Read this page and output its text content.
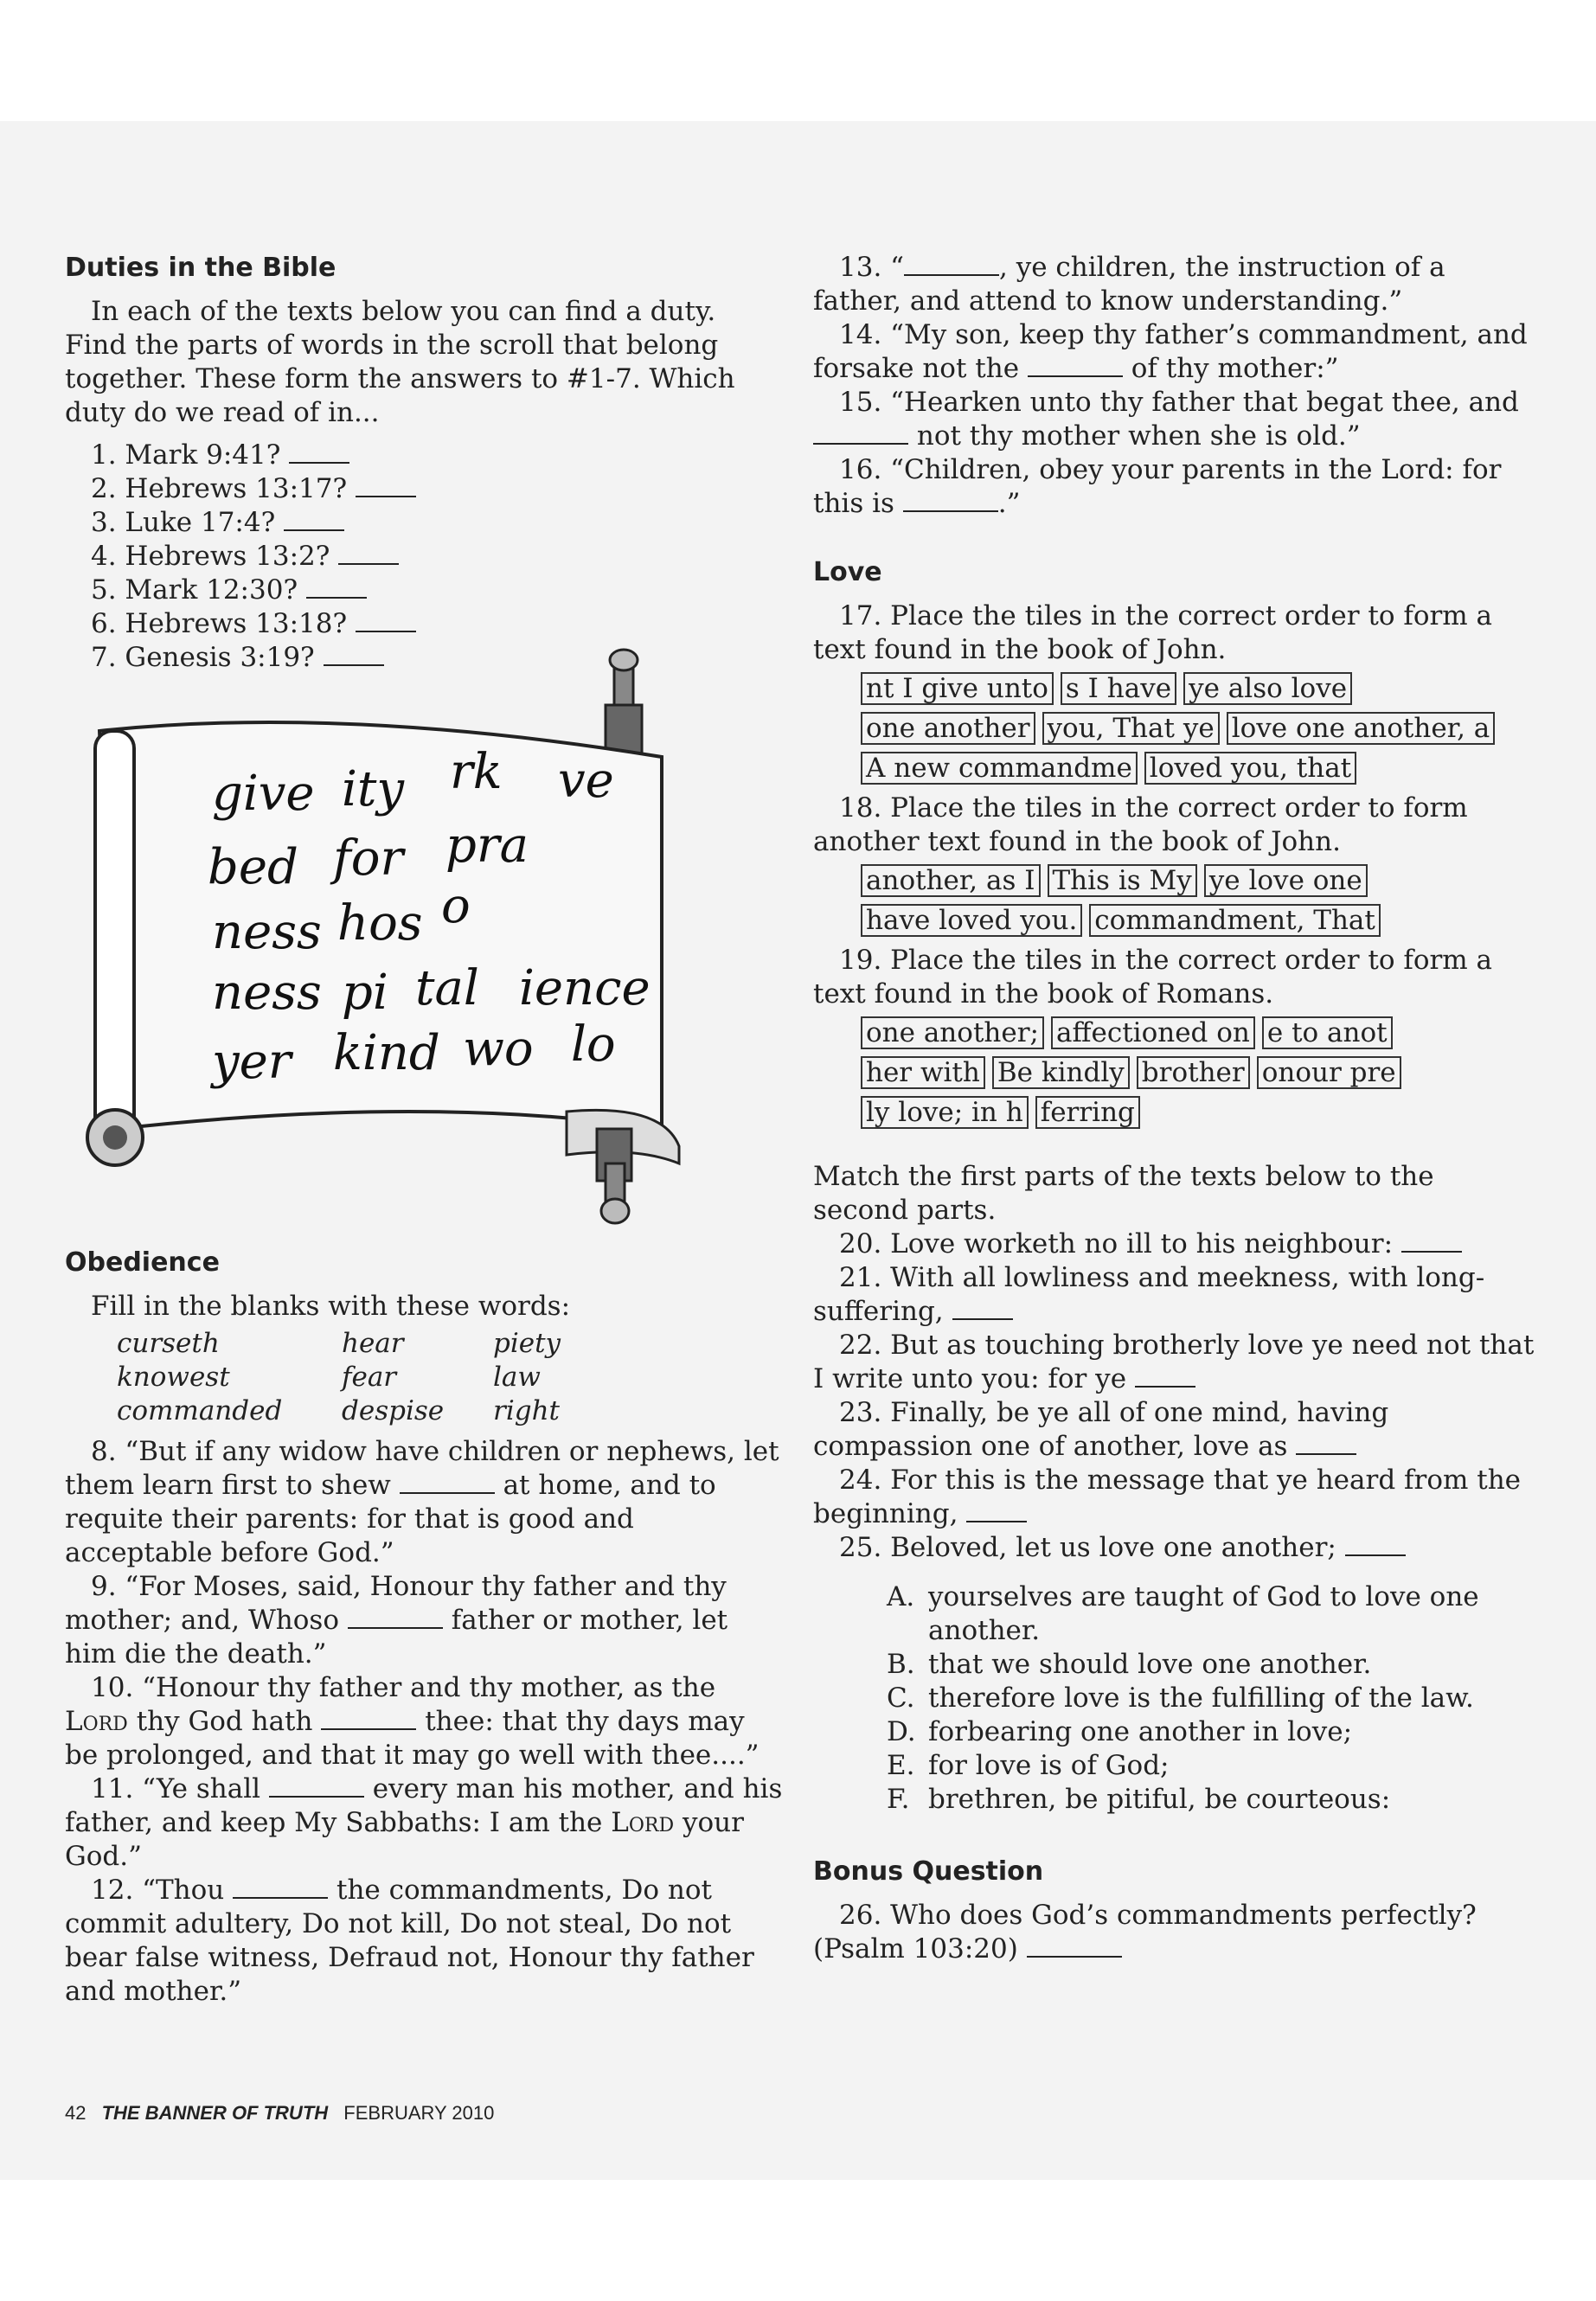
Duties in the Bible

In each of the texts below you can find a duty. Find the parts of words in the scroll that belong together. These form the answers to #1-7. Which duty do we read of in...

1. Mark 9:41?

2. Hebrews 13:17?

3. Luke 17:4?

4. Hebrews 13:2?

5. Mark 12:30?

6. Hebrews 13:18?

7. Genesis 3:19?

Obedience

Fill in the blanks with these words:

curseth	hear	piety
knowest	fear	law
commanded	despise	right

8. “But if any widow have children or nephews, let them learn first to shew	at home, and to requite their parents: for that is good and acceptable before God.”

9. “For Moses, said, Honour thy father and thy mother; and, Whoso	father or mother, let him die the death.”

10. “Honour thy father and thy mother, as the Lord thy God hath	thee: that thy days may be prolonged, and that it may go well with thee....”

11. “Ye shall	every man his mother, and his father, and keep My Sabbaths: I am the Lord your God.”

12. “Thou	the commandments, Do not commit adultery, Do not kill, Do not steal, Do not bear false witness, Defraud not, Honour thy father and mother.”

give ity rk ve
bed for pra
ness hos o
ness pi tal ience
yer kind wo lo

13. “	, ye children, the instruction of a father, and attend to know understanding.”

14. “My son, keep thy father’s commandment, and forsake not the	of thy mother:”

15. “Hearken unto thy father that begat thee, and  not thy mother when she is old.”

16. “Children, obey your parents in the Lord: for this is	.”

Love

17. Place the tiles in the correct order to form a text found in the book of John.

nt I give unto s I have ye also love
one another you, That ye love one another, a
A new commandme loved you, that

18. Place the tiles in the correct order to form another text found in the book of John.

another, as I This is My ye love one
have loved you. commandment, That

19. Place the tiles in the correct order to form a text found in the book of Romans.

one another; affectioned on e to anot
her with Be kindly brother onour pre
ly love; in h ferring

Match the first parts of the texts below to the second parts.

20. Love worketh no ill to his neighbour:

21. With all lowliness and meekness, with long-suffering,

22. But as touching brotherly love ye need not that I write unto you: for ye

23. Finally, be ye all of one mind, having compassion one of another, love as

24. For this is the message that ye heard from the beginning,

25. Beloved, let us love one another;

A. yourselves are taught of God to love one another.
B. that we should love one another.
C. therefore love is the fulfilling of the law.
D. forbearing one another in love;
E. for love is of God;
F. brethren, be pitiful, be courteous:

Bonus Question

26. Who does God’s commandments perfectly? (Psalm 103:20)

42 THE BANNER OF TRUTH FEBRUARY 2010
